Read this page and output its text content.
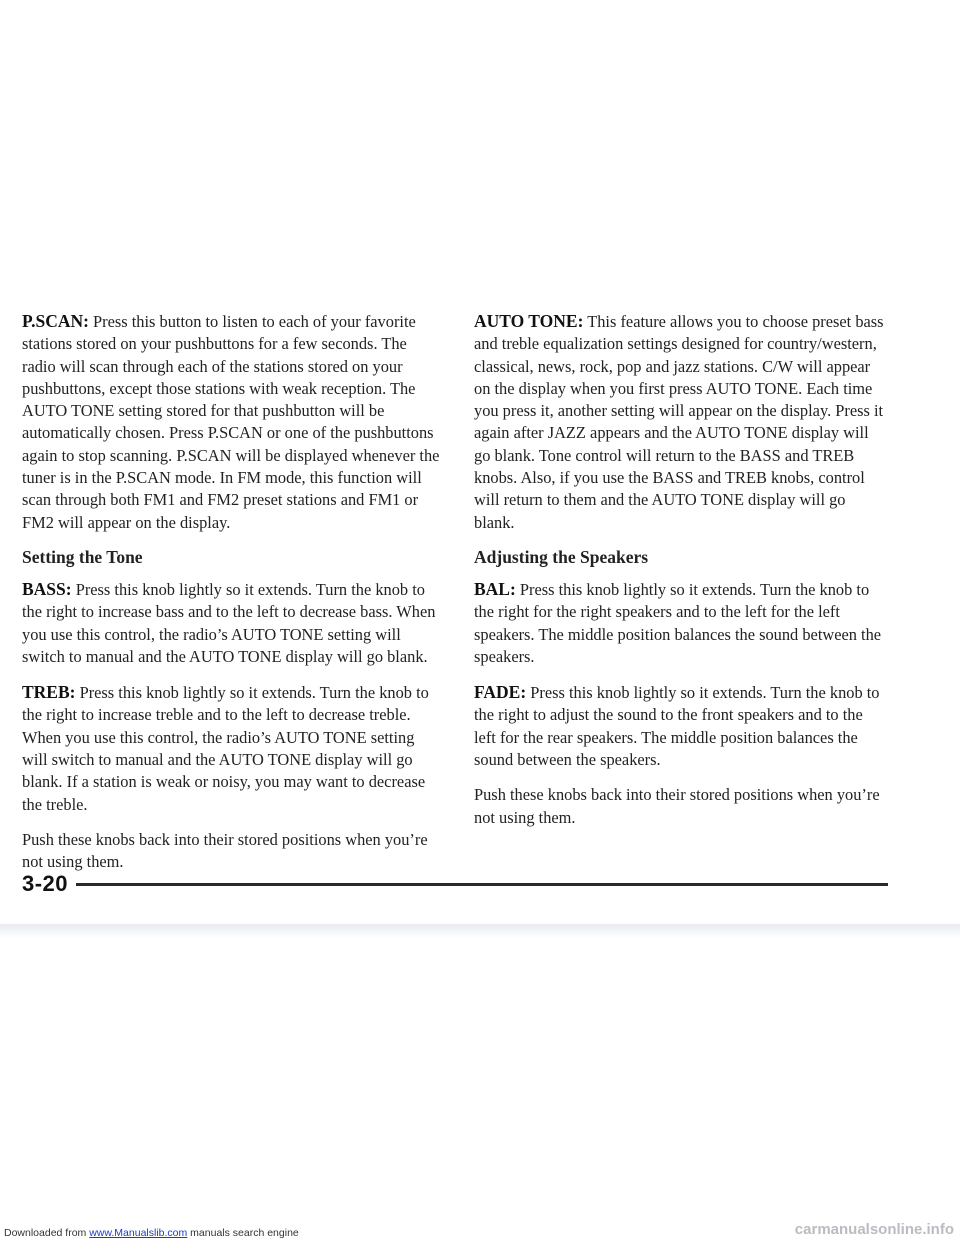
P.SCAN: Press this button to listen to each of your favorite stations stored on your pushbuttons for a few seconds. The radio will scan through each of the stations stored on your pushbuttons, except those stations with weak reception. The AUTO TONE setting stored for that pushbutton will be automatically chosen. Press P.SCAN or one of the pushbuttons again to stop scanning. P.SCAN will be displayed whenever the tuner is in the P.SCAN mode. In FM mode, this function will scan through both FM1 and FM2 preset stations and FM1 or FM2 will appear on the display.

Setting the Tone

BASS: Press this knob lightly so it extends. Turn the knob to the right to increase bass and to the left to decrease bass. When you use this control, the radio’s AUTO TONE setting will switch to manual and the AUTO TONE display will go blank.

TREB: Press this knob lightly so it extends. Turn the knob to the right to increase treble and to the left to decrease treble. When you use this control, the radio’s AUTO TONE setting will switch to manual and the AUTO TONE display will go blank. If a station is weak or noisy, you may want to decrease the treble.

Push these knobs back into their stored positions when you’re not using them.

AUTO TONE: This feature allows you to choose preset bass and treble equalization settings designed for country/western, classical, news, rock, pop and jazz stations. C/W will appear on the display when you first press AUTO TONE. Each time you press it, another setting will appear on the display. Press it again after JAZZ appears and the AUTO TONE display will go blank. Tone control will return to the BASS and TREB knobs. Also, if you use the BASS and TREB knobs, control will return to them and the AUTO TONE display will go blank.

Adjusting the Speakers

BAL: Press this knob lightly so it extends. Turn the knob to the right for the right speakers and to the left for the left speakers. The middle position balances the sound between the speakers.

FADE: Press this knob lightly so it extends. Turn the knob to the right to adjust the sound to the front speakers and to the left for the rear speakers. The middle position balances the sound between the speakers.

Push these knobs back into their stored positions when you’re not using them.

3-20
Downloaded from www.Manualslib.com manuals search engine	carmanualsonline.info
